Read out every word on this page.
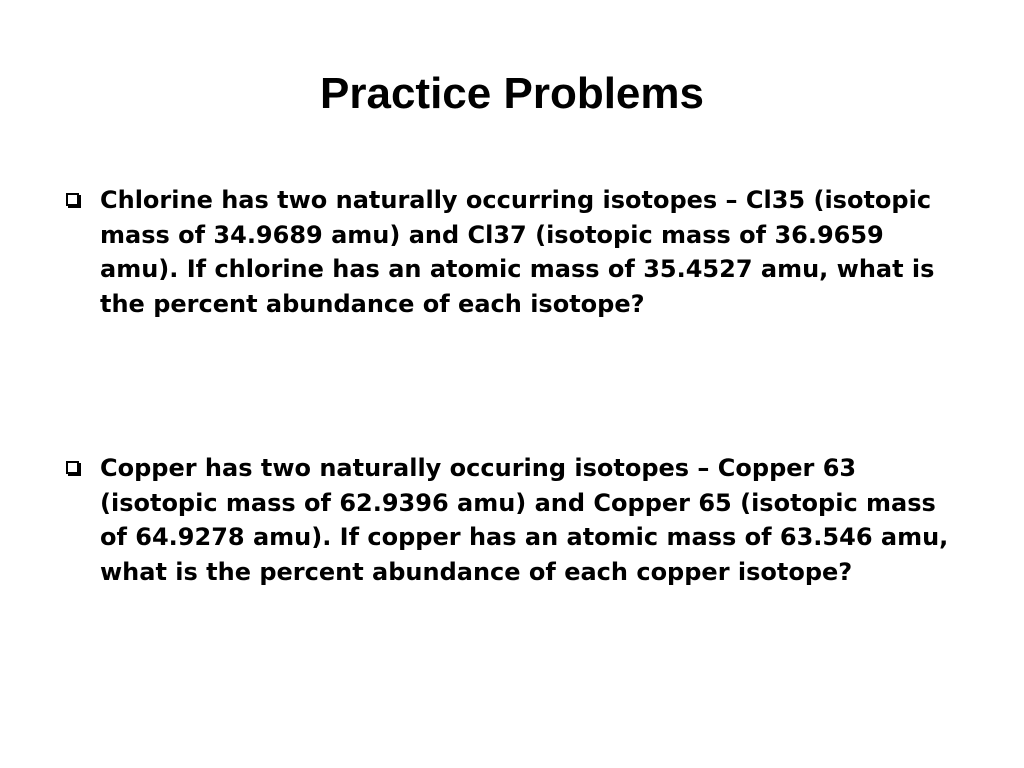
Practice Problems
Chlorine has two naturally occurring isotopes – Cl35 (isotopic mass of 34.9689 amu) and Cl37 (isotopic mass of 36.9659 amu). If chlorine has an atomic mass of 35.4527 amu, what is the percent abundance of each isotope?
Copper has two naturally occuring isotopes – Copper 63 (isotopic mass of 62.9396 amu) and Copper 65 (isotopic mass of 64.9278 amu). If copper has an atomic mass of 63.546 amu, what is the percent abundance of each copper isotope?
